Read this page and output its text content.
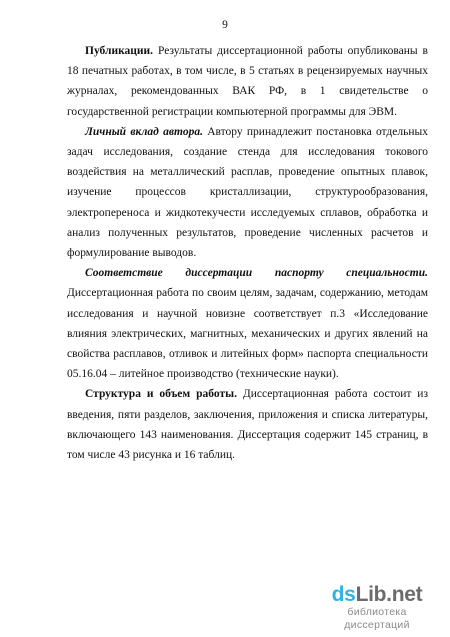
9

Публикации. Результаты диссертационной работы опубликованы в 18 печатных работах, в том числе, в 5 статьях в рецензируемых научных журналах, рекомендованных ВАК РФ, в 1 свидетельстве о государственной регистрации компьютерной программы для ЭВМ.

Личный вклад автора. Автору принадлежит постановка отдельных задач исследования, создание стенда для исследования токового воздействия на металлический расплав, проведение опытных плавок, изучение процессов кристаллизации, структурообразования, электропереноса и жидкотекучести исследуемых сплавов, обработка и анализ полученных результатов, проведение численных расчетов и формулирование выводов.

Соответствие диссертации паспорту специальности. Диссертационная работа по своим целям, задачам, содержанию, методам исследования и научной новизне соответствует п.3 «Исследование влияния электрических, магнитных, механических и других явлений на свойства расплавов, отливок и литейных форм» паспорта специальности 05.16.04 – литейное производство (технические науки).

Структура и объем работы. Диссертационная работа состоит из введения, пяти разделов, заключения, приложения и списка литературы, включающего 143 наименования. Диссертация содержит 145 страниц, в том числе 43 рисунка и 16 таблиц.

dsLib.net
библиотека диссертаций
